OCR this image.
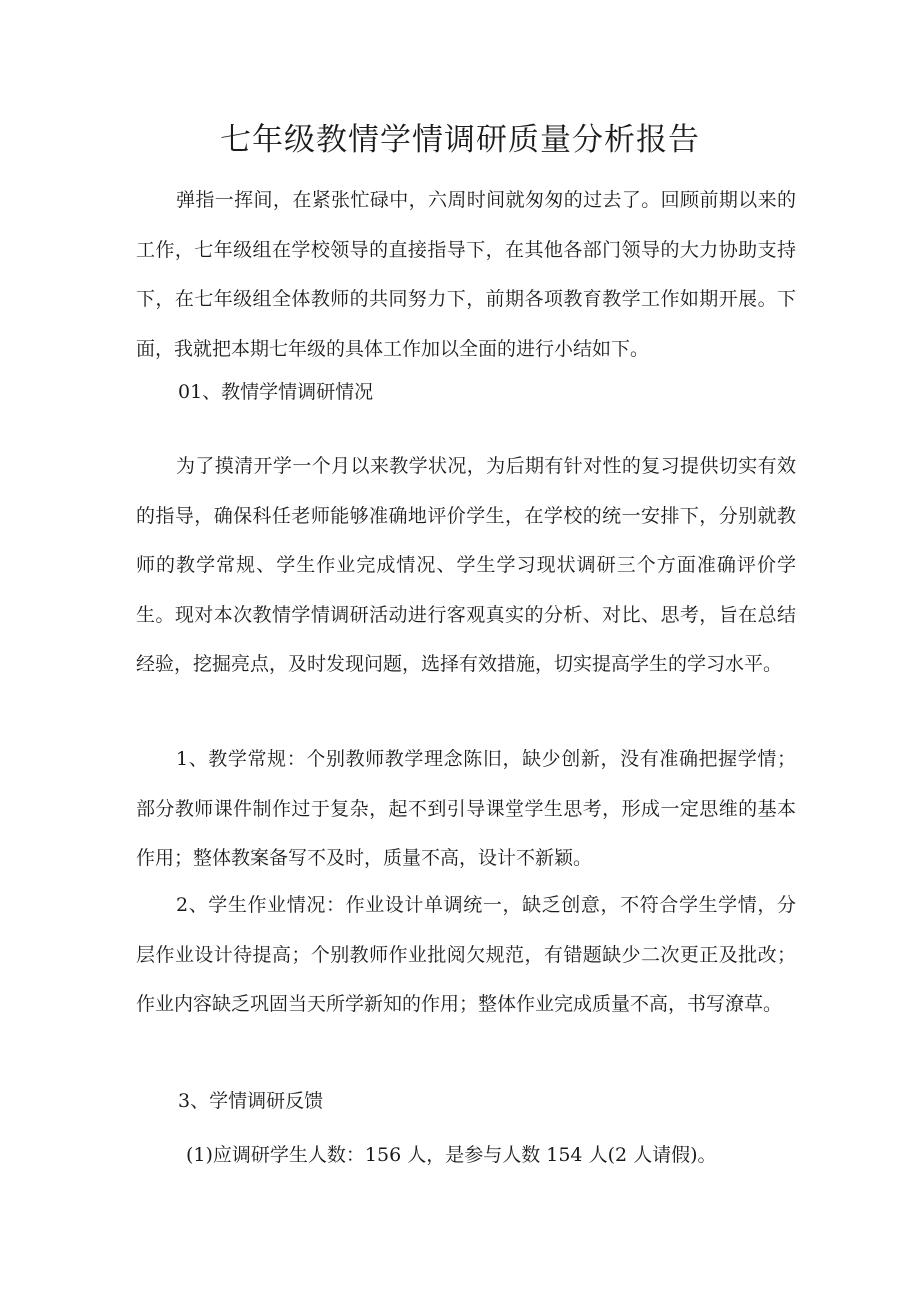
七年级教情学情调研质量分析报告

弹指一挥间，在紧张忙碌中，六周时间就匆匆的过去了。回顾前期以来的工作，七年级组在学校领导的直接指导下，在其他各部门领导的大力协助支持下，在七年级组全体教师的共同努力下，前期各项教育教学工作如期开展。下面，我就把本期七年级的具体工作加以全面的进行小结如下。

01、教情学情调研情况

为了摸清开学一个月以来教学状况，为后期有针对性的复习提供切实有效的指导，确保科任老师能够准确地评价学生，在学校的统一安排下，分别就教师的教学常规、学生作业完成情况、学生学习现状调研三个方面准确评价学生。现对本次教情学情调研活动进行客观真实的分析、对比、思考，旨在总结经验，挖掘亮点，及时发现问题，选择有效措施，切实提高学生的学习水平。

1、教学常规：个别教师教学理念陈旧，缺少创新，没有准确把握学情；部分教师课件制作过于复杂，起不到引导课堂学生思考，形成一定思维的基本作用；整体教案备写不及时，质量不高，设计不新颖。

2、学生作业情况：作业设计单调统一，缺乏创意，不符合学生学情，分层作业设计待提高；个别教师作业批阅欠规范，有错题缺少二次更正及批改；作业内容缺乏巩固当天所学新知的作用；整体作业完成质量不高，书写潦草。

3、学情调研反馈

(1)应调研学生人数：156 人，是参与人数 154 人(2 人请假)。
